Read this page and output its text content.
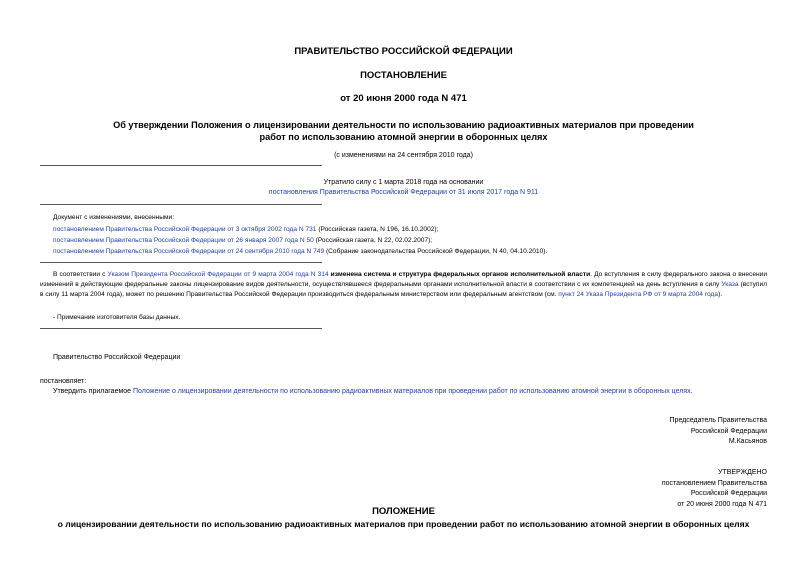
ПРАВИТЕЛЬСТВО РОССИЙСКОЙ ФЕДЕРАЦИИ
ПОСТАНОВЛЕНИЕ
от 20 июня 2000 года N 471
Об утверждении Положения о лицензировании деятельности по использованию радиоактивных материалов при проведении работ по использованию атомной энергии в оборонных целях
(с изменениями на 24 сентября 2010 года)
Утратило силу с 1 марта 2018 года на основании
постановления Правительства Российской Федерации от 31 июля 2017 года N 911
Документ с изменениями, внесенными:
постановлением Правительства Российской Федерации от 3 октября 2002 года N 731 (Российская газета, N 196, 16.10.2002);
постановлением Правительства Российской Федерации от 26 января 2007 года N 50 (Российская газета, N 22, 02.02.2007);
постановлением Правительства Российской Федерации от 24 сентября 2010 года N 749 (Собрание законодательства Российской Федерации, N 40, 04.10.2010).
В соответствии с Указом Президента Российской Федерации от 9 марта 2004 года N 314 изменена система и структура федеральных органов исполнительной власти. До вступления в силу федерального закона о внесении изменений в действующие федеральные законы лицензирование видов деятельности, осуществлявшееся федеральными органами исполнительной власти в соответствии с их компетенцией на день вступления в силу Указа (вступил в силу 11 марта 2004 года), может по решению Правительства Российской Федерации производиться федеральным министерством или федеральным агентством (см. пункт 24 Указа Президента РФ от 9 марта 2004 года).
- Примечание изготовителя базы данных.
Правительство Российской Федерации
постановляет:
Утвердить прилагаемое Положение о лицензировании деятельности по использованию радиоактивных материалов при проведении работ по использованию атомной энергии в оборонных целях.
Председатель Правительства
Российской Федерации
М.Касьянов
УТВЕРЖДЕНО
постановлением Правительства
Российской Федерации
от 20 июня 2000 года N 471
ПОЛОЖЕНИЕ
о лицензировании деятельности по использованию радиоактивных материалов при проведении работ по использованию атомной энергии в оборонных целях
